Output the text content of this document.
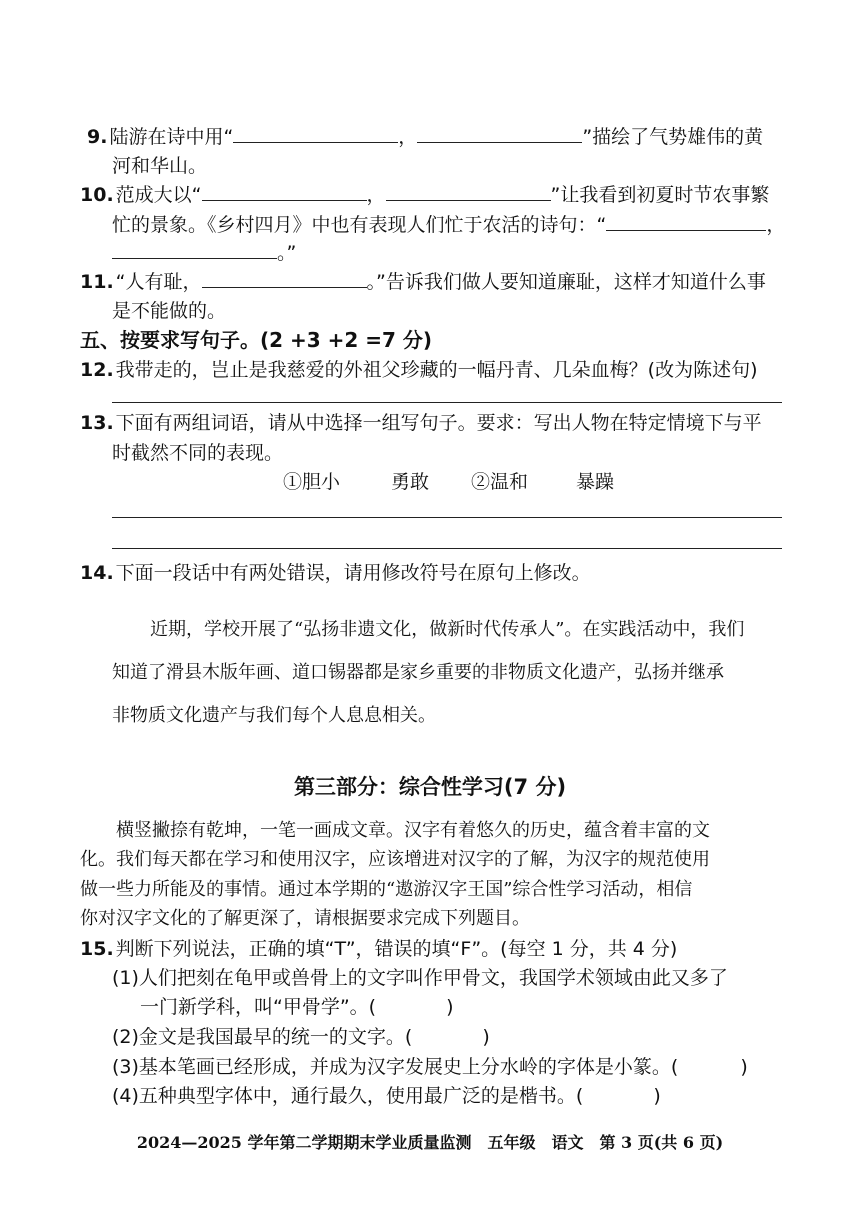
9. 陆游在诗中用“	，	”描绘了气势雄伟的黄
河和华山。
10. 范成大以“	，	”让我看到初夏时节农事繁
忙的景象。《乡村四月》中也有表现人们忙于农活的诗句：“	，
。”
11. “人有耻，	。”告诉我们做人要知道廉耻，这样才知道什么事
是不能做的。
五、按要求写句子。(2 +3 +2 =7 分)
12. 我带走的，岂止是我慈爱的外祖父珍藏的一幅丹青、几朵血梅？(改为陈述句)
13. 下面有两组词语，请从中选择一组写句子。要求：写出人物在特定情境下与平
时截然不同的表现。
①胆小	勇敢 ②温和	暴躁
14. 下面一段话中有两处错误，请用修改符号在原句上修改。
近期，学校开展了“弘扬非遗文化，做新时代传承人”。在实践活动中，我们
知道了滑县木版年画、道口锡器都是家乡重要的非物质文化遗产，弘扬并继承
非物质文化遗产与我们每个人息息相关。
第三部分：综合性学习(7 分)
横竖撇捺有乾坤，一笔一画成文章。汉字有着悠久的历史，蕴含着丰富的文
化。我们每天都在学习和使用汉字，应该增进对汉字的了解，为汉字的规范使用
做一些力所能及的事情。通过本学期的“遨游汉字王国”综合性学习活动，相信
你对汉字文化的了解更深了，请根据要求完成下列题目。
15. 判断下列说法，正确的填“T”，错误的填“F”。(每空 1 分，共 4 分)
(1)人们把刻在龟甲或兽骨上的文字叫作甲骨文，我国学术领域由此又多了
一门新学科，叫“甲骨学”。(	)
(2)金文是我国最早的统一的文字。(	)
(3)基本笔画已经形成，并成为汉字发展史上分水岭的字体是小篆。(	)
(4)五种典型字体中，通行最久，使用最广泛的是楷书。(	)
2024—2025 学年第二学期期末学业质量监测　五年级　语文　第 3 页(共 6 页)
